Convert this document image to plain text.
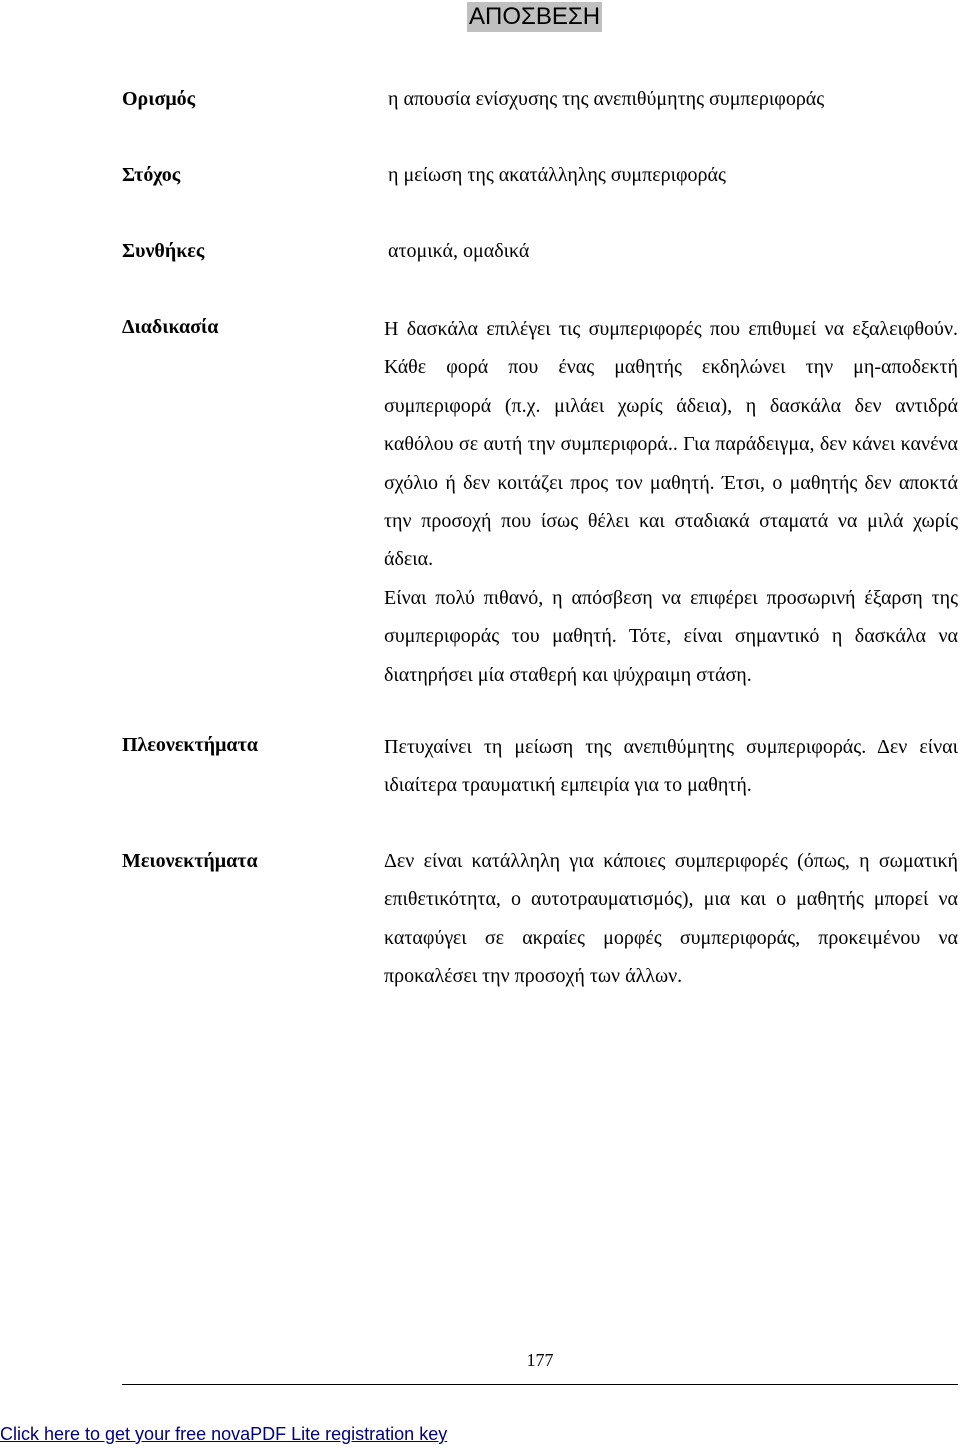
ΑΠΟΣΒΕΣΗ
Ορισμός	η απουσία ενίσχυσης της ανεπιθύμητης συμπεριφοράς
Στόχος	η μείωση της ακατάλληλης συμπεριφοράς
Συνθήκες	ατομικά, ομαδικά
Διαδικασία	Η δασκάλα επιλέγει τις συμπεριφορές που επιθυμεί να εξαλειφθούν. Κάθε φορά που ένας μαθητής εκδηλώνει την μη-αποδεκτή συμπεριφορά (π.χ. μιλάει χωρίς άδεια), η δασκάλα δεν αντιδρά καθόλου σε αυτή την συμπεριφορά.. Για παράδειγμα, δεν κάνει κανένα σχόλιο ή δεν κοιτάζει προς τον μαθητή. Έτσι, ο μαθητής δεν αποκτά την προσοχή που ίσως θέλει και σταδιακά σταματά να μιλά χωρίς άδεια.

Είναι πολύ πιθανό, η απόσβεση να επιφέρει προσωρινή έξαρση της συμπεριφοράς του μαθητή. Τότε, είναι σημαντικό η δασκάλα να διατηρήσει μία σταθερή και ψύχραιμη στάση.

Πλεονεκτήματα	Πετυχαίνει τη μείωση της ανεπιθύμητης συμπεριφοράς. Δεν είναι ιδιαίτερα τραυματική εμπειρία για το μαθητή.

Μειονεκτήματα	Δεν είναι κατάλληλη για κάποιες συμπεριφορές (όπως, η σωματική επιθετικότητα, ο αυτοτραυματισμός), μια και ο μαθητής μπορεί να καταφύγει σε ακραίες μορφές συμπεριφοράς, προκειμένου να προκαλέσει την προσοχή των άλλων.

177
Click here to get your free novaPDF Lite registration key
